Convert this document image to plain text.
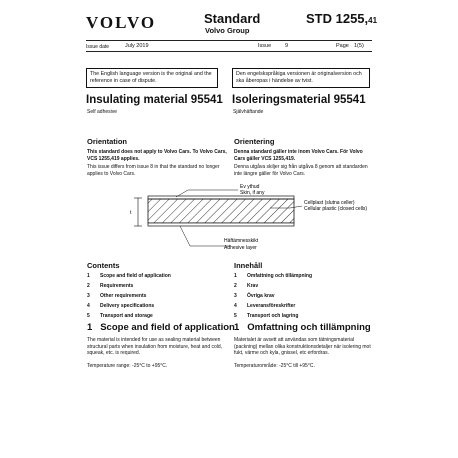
VOLVO	Standard
Volvo Group
STD 1255,41
Issue date	July 2019	Issue	9	Page 1(5)
The English language version is the original and the reference in case of dispute.
Den engelskspråkiga versionen är originalversion och ska åberopas i händelse av tvist.
Insulating material 95541
Self adhesive
Isoleringsmaterial 95541
Självhäftande
Orientation
This standard does not apply to Volvo Cars. To Volvo Cars, VCS 1255,419 applies.
This issue differs from issue 8 in that the standard no longer applies to Volvo Cars.
Orientering
Denna standard gäller inte inom Volvo Cars. För Volvo Cars gäller VCS 1255,419.
Denna utgåva skiljer sig från utgåva 8 genom att standarden inte längre gäller för Volvo Cars.
t
Ev ythud
Skin, if any
Cellplast (slutna celler)
Cellular plastic (closed cells)
Häftämnesskikt
Adhesive layer
Contents
1	Scope and field of application
2	Requirements
3	Other requirements
4	Delivery specifications
5	Transport and storage
Innehåll
1	Omfattning och tillämpning
2	Krav
3	Övriga krav
4	Leveransföreskrifter
5	Transport och lagring
1 Scope and field of application
The material is intended for use as sealing material between structural parts when insulation from moisture, heat and cold, squeak, etc. is required.
Temperature range: -25°C to +95°C.
1 Omfattning och tillämpning
Materialet är avsett att användas som tätningsmaterial (packning) mellan olika konstruktionsdetaljer när isolering mot fukt, värme och kyla, gnissel, etc erfordras.
Temperaturområde: -25°C till +95°C.
